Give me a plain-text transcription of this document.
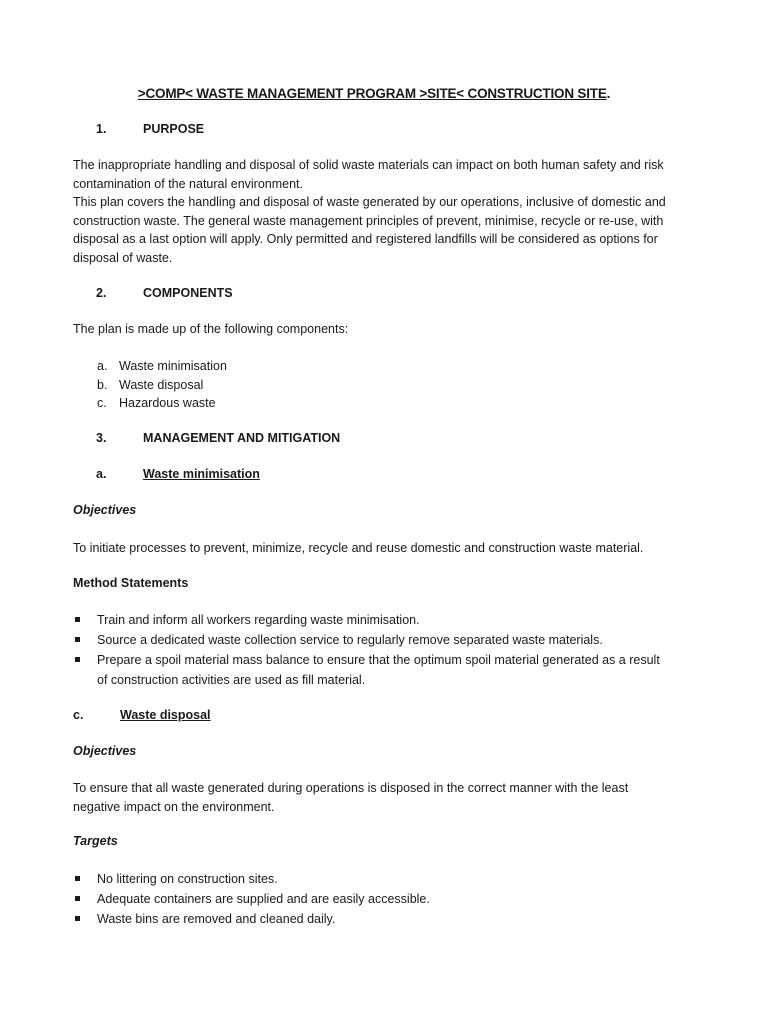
>COMP< WASTE MANAGEMENT PROGRAM >SITE< CONSTRUCTION SITE.
1.	PURPOSE
The inappropriate handling and disposal of solid waste materials can impact on both human safety and risk contamination of the natural environment.
This plan covers the handling and disposal of waste generated by our operations, inclusive of domestic and construction waste. The general waste management principles of prevent, minimise, recycle or re-use, with disposal as a last option will apply. Only permitted and registered landfills will be considered as options for disposal of waste.
2.	COMPONENTS
The plan is made up of the following components:
a. Waste minimisation
b. Waste disposal
c. Hazardous waste
3.	MANAGEMENT AND MITIGATION
a.	Waste minimisation
Objectives
To initiate processes to prevent, minimize, recycle and reuse domestic and construction waste material.
Method Statements
Train and inform all workers regarding waste minimisation.
Source a dedicated waste collection service to regularly remove separated waste materials.
Prepare a spoil material mass balance to ensure that the optimum spoil material generated as a result of construction activities are used as fill material.
c.	Waste disposal
Objectives
To ensure that all waste generated during operations is disposed in the correct manner with the least negative impact on the environment.
Targets
No littering on construction sites.
Adequate containers are supplied and are easily accessible.
Waste bins are removed and cleaned daily.
